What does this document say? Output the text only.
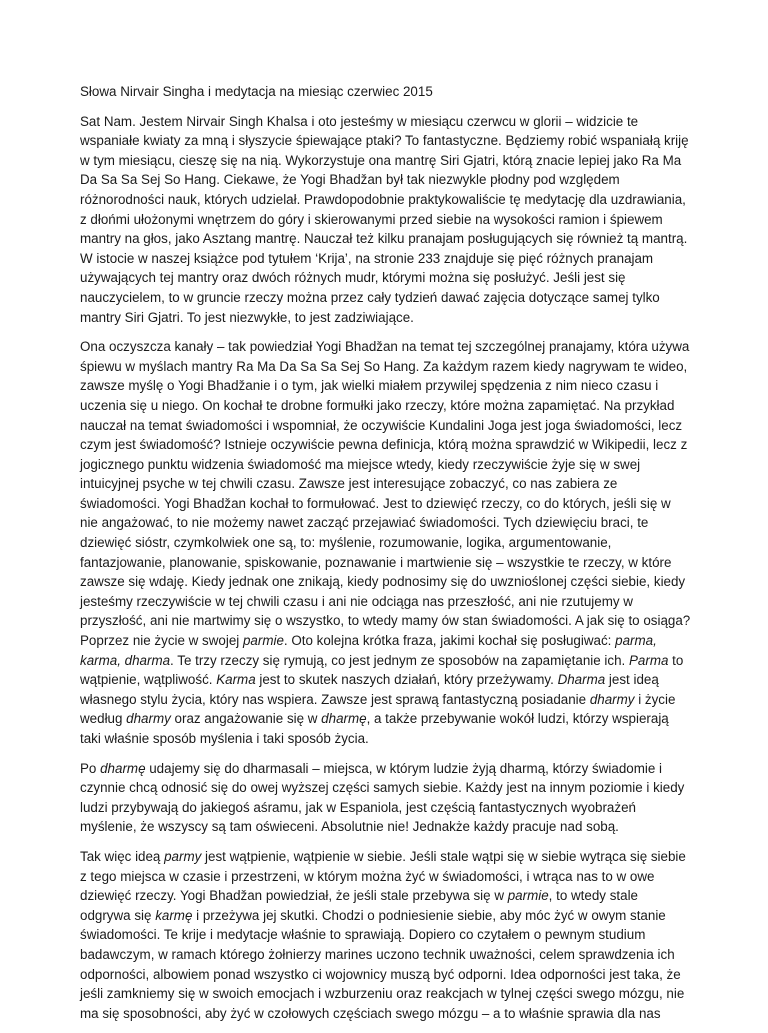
Słowa Nirvair Singha i medytacja na miesiąc czerwiec 2015

Sat Nam. Jestem Nirvair Singh Khalsa i oto jesteśmy w miesiącu czerwcu w glorii – widzicie te wspaniałe kwiaty za mną i słyszycie śpiewające ptaki? To fantastyczne. Będziemy robić wspaniałą kriję w tym miesiącu, cieszę się na nią. Wykorzystuje ona mantrę Siri Gjatri, którą znacie lepiej jako Ra Ma Da Sa Sa Sej So Hang. Ciekawe, że Yogi Bhadžan był tak niezwykle płodny pod względem różnorodności nauk, których udzielał. Prawdopodobnie praktykowaliście tę medytację dla uzdrawiania, z dłońmi ułożonymi wnętrzem do góry i skierowanymi przed siebie na wysokości ramion i śpiewem mantry na głos, jako Asztang mantrę. Nauczał też kilku pranajam posługujących się również tą mantrą. W istocie w naszej książce pod tytułem ‘Krija’, na stronie 233 znajduje się pięć różnych pranajam używających tej mantry oraz dwóch różnych mudr, którymi można się posłużyć. Jeśli jest się nauczycielem, to w gruncie rzeczy można przez cały tydzień dawać zajęcia dotyczące samej tylko mantry Siri Gjatri. To jest niezwykłe, to jest zadziwiające.

Ona oczyszcza kanały – tak powiedział Yogi Bhadžan na temat tej szczególnej pranajamy, która używa śpiewu w myślach mantry Ra Ma Da Sa Sa Sej So Hang. Za każdym razem kiedy nagrywam te wideo, zawsze myślę o Yogi Bhadžanie i o tym, jak wielki miałem przywilej spędzenia z nim nieco czasu i uczenia się u niego. On kochał te drobne formułki jako rzeczy, które można zapamiętać. Na przykład nauczał na temat świadomości i wspomniał, że oczywiście Kundalini Joga jest joga świadomości, lecz czym jest świadomość? Istnieje oczywiście pewna definicja, którą można sprawdzić w Wikipedii, lecz z jogicznego punktu widzenia świadomość ma miejsce wtedy, kiedy rzeczywiście żyje się w swej intuicyjnej psyche w tej chwili czasu. Zawsze jest interesujące zobaczyć, co nas zabiera ze świadomości. Yogi Bhadžan kochał to formułować. Jest to dziewięć rzeczy, co do których, jeśli się w nie angażować, to nie możemy nawet zacząć przejawiać świadomości. Tych dziewięciu braci, te dziewięć sióstr, czymkolwiek one są, to: myślenie, rozumowanie, logika, argumentowanie, fantazjowanie, planowanie, spiskowanie, poznawanie i martwienie się – wszystkie te rzeczy, w które zawsze się wdaję. Kiedy jednak one znikają, kiedy podnosimy się do uwznioślonej części siebie, kiedy jesteśmy rzeczywiście w tej chwili czasu i ani nie odciąga nas przeszłość, ani nie rzutujemy w przyszłość, ani nie martwimy się o wszystko, to wtedy mamy ów stan świadomości. A jak się to osiąga? Poprzez nie życie w swojej parmie. Oto kolejna krótka fraza, jakimi kochał się posługiwać: parma, karma, dharma. Te trzy rzeczy się rymują, co jest jednym ze sposobów na zapamiętanie ich. Parma to wątpienie, wątpliwość. Karma jest to skutek naszych działań, który przeżywamy. Dharma jest ideą własnego stylu życia, który nas wspiera. Zawsze jest sprawą fantastyczną posiadanie dharmy i życie według dharmy oraz angażowanie się w dharmę, a także przebywanie wokół ludzi, którzy wspierają taki właśnie sposób myślenia i taki sposób życia.

Po dharmę udajemy się do dharmasali – miejsca, w którym ludzie żyją dharmą, którzy świadomie i czynnie chcą odnosić się do owej wyższej części samych siebie. Każdy jest na innym poziomie i kiedy ludzi przybywają do jakiegoś aśramu, jak w Espaniola, jest częścią fantastycznych wyobrażeń myślenie, że wszyscy są tam oświeceni. Absolutnie nie! Jednakże każdy pracuje nad sobą.

Tak więc ideą parmy jest wątpienie, wątpienie w siebie. Jeśli stale wątpi się w siebie wytrąca się siebie z tego miejsca w czasie i przestrzeni, w którym można żyć w świadomości, i wtrąca nas to w owe dziewięć rzeczy. Yogi Bhadžan powiedział, że jeśli stale przebywa się w parmie, to wtedy stale odgrywa się karmę i przeżywa jej skutki. Chodzi o podniesienie siebie, aby móc żyć w owym stanie świadomości. Te krije i medytacje właśnie to sprawiają. Dopiero co czytałem o pewnym studium badawczym, w ramach którego żołnierzy marines uczono technik uważności, celem sprawdzenia ich odporności, albowiem ponad wszystko ci wojownicy muszą być odporni. Idea odporności jest taka, że jeśli zamkniemy się w swoich emocjach i wzburzeniu oraz reakcjach w tylnej części swego mózgu, nie ma się sposobności, aby żyć w czołowych częściach swego mózgu – a to właśnie sprawia dla nas
